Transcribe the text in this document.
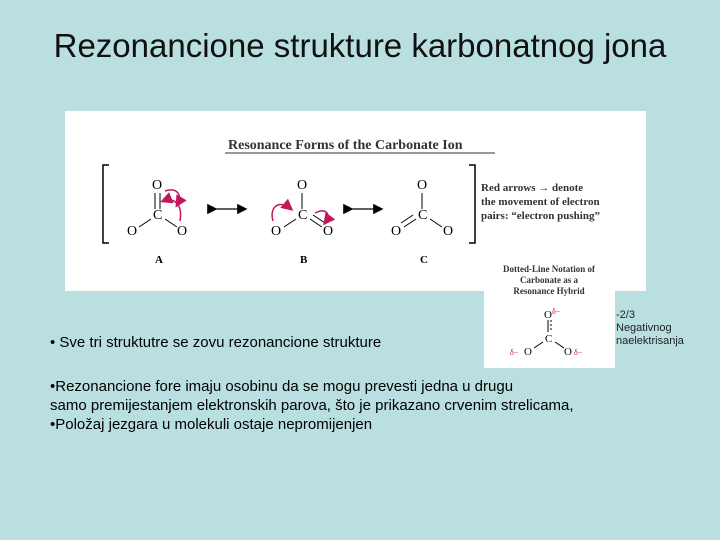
Rezonancione strukture karbonatnog jona
Resonance Forms of the Carbonate Ion
O
C
O	O
A
O
C
O	O
B
O
C
O	O
C
Red arrows → denote
the movement of electron
pairs: “electron pushing”
Dotted-Line Notation of
Carbonate as a
Resonance Hybrid
O δ−
C
O	O
δ−	δ−
-2/3
Negativnog
naelektrisanja
• Sve tri struktutre se zovu rezonancione strukture
•Rezonancione fore imaju osobinu da se mogu prevesti jedna u drugu
samo premijestanjem elektronskih parova, što je prikazano crvenim strelicama,
•Položaj jezgara u molekuli ostaje nepromijenjen
